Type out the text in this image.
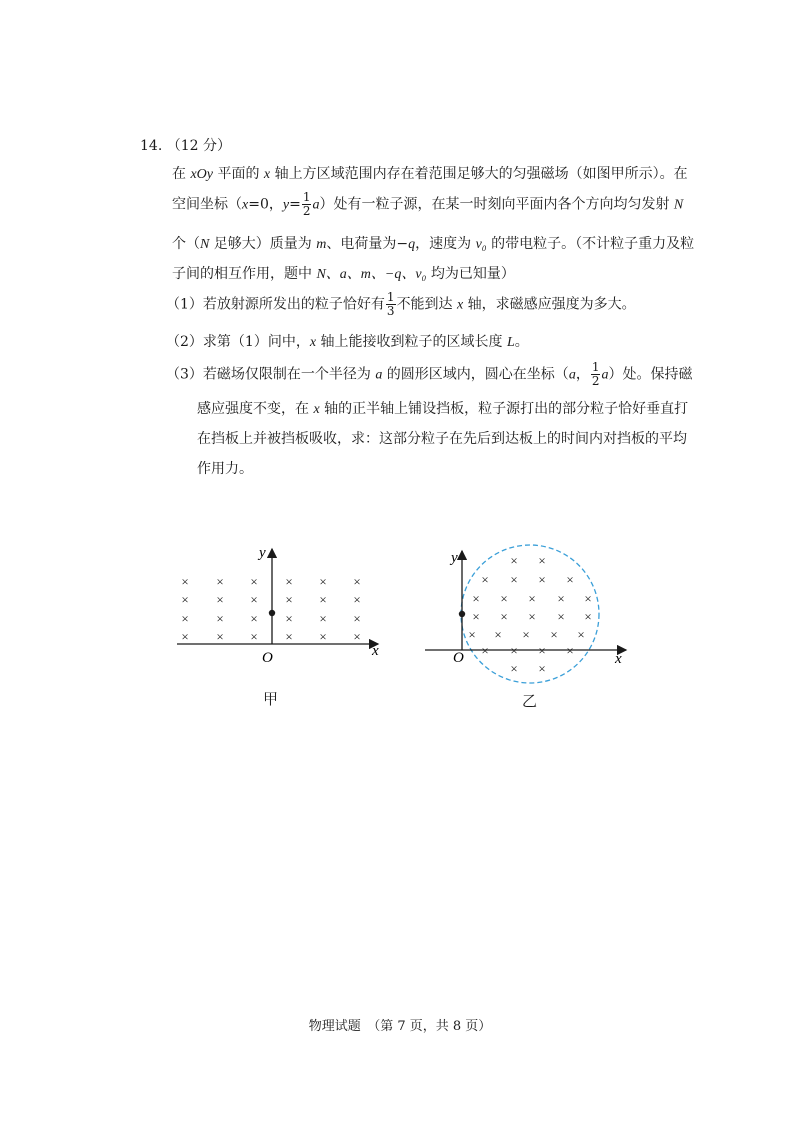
14. （12 分）
在 xOy 平面的 x 轴上方区域范围内存在着范围足够大的匀强磁场（如图甲所示）。在
空间坐标（x=0，$y= \frac{1}{2} a$）处有一粒子源，在某一时刻向平面内各个方向均匀发射 N
个（N 足够大）质量为 m、电荷量为−q，速度为 v₀ 的带电粒子。（不计粒子重力及粒
子间的相互作用，题中 N、a、m、−q、v₀ 均为已知量）
（1）若放射源所发出的粒子恰好有 $\frac{1}{3}$ 不能到达 x 轴，求磁感应强度为多大。
（2）求第（1）问中，x 轴上能接收到粒子的区域长度 L。
（3）若磁场仅限制在一个半径为 a 的圆形区域内，圆心在坐标（a， $\frac{1}{2} a$）处。保持磁
感应强度不变，在 x 轴的正半轴上铺设挡板，粒子源打出的部分粒子恰好垂直打
在挡板上并被挡板吸收，求：这部分粒子在先后到达板上的时间内对挡板的平均
作用力。
×
×
×
×
×
×
×
×
×
×
×
×
×
×
×
×
×
×
×
×
×
×
×
×
y
x
O
甲
× ×
× × × ×
× × × × ×
× × × × ×
× × × × ×
× × × ×
× ×
y
x
O
乙
物理试题　（第 7 页，共 8 页）
